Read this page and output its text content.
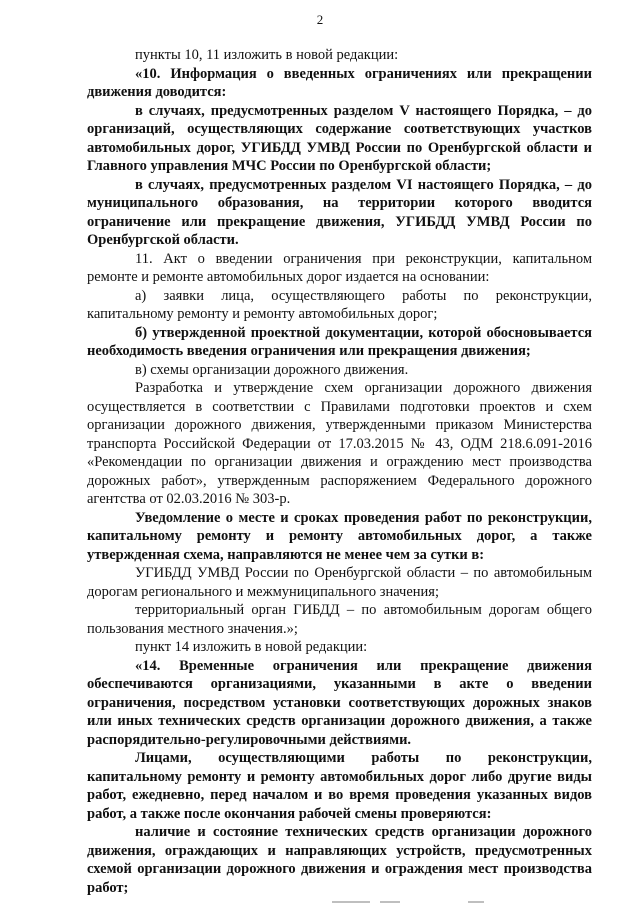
2

пункты 10, 11 изложить в новой редакции:

«10. Информация о введенных ограничениях или прекращении движения доводится:

в случаях, предусмотренных разделом V настоящего Порядка, – до организаций, осуществляющих содержание соответствующих участков автомобильных дорог, УГИБДД УМВД России по Оренбургской области и Главного управления МЧС России по Оренбургской области;

в случаях, предусмотренных разделом VI настоящего Порядка, – до муниципального образования, на территории которого вводится ограничение или прекращение движения, УГИБДД УМВД России по Оренбургской области.

11. Акт о введении ограничения при реконструкции, капитальном ремонте и ремонте автомобильных дорог издается на основании:

а) заявки лица, осуществляющего работы по реконструкции, капитальному ремонту и ремонту автомобильных дорог;

б) утвержденной проектной документации, которой обосновывается необходимость введения ограничения или прекращения движения;

в) схемы организации дорожного движения.

Разработка и утверждение схем организации дорожного движения осуществляется в соответствии с Правилами подготовки проектов и схем организации дорожного движения, утвержденными приказом Министерства транспорта Российской Федерации от 17.03.2015 № 43, ОДМ 218.6.091-2016 «Рекомендации по организации движения и ограждению мест производства дорожных работ», утвержденным распоряжением Федерального дорожного агентства от 02.03.2016 № 303-р.

Уведомление о месте и сроках проведения работ по реконструкции, капитальному ремонту и ремонту автомобильных дорог, а также утвержденная схема, направляются не менее чем за сутки в:

УГИБДД УМВД России по Оренбургской области – по автомобильным дорогам регионального и межмуниципального значения;

территориальный орган ГИБДД – по автомобильным дорогам общего пользования местного значения.»;

пункт 14 изложить в новой редакции:

«14. Временные ограничения или прекращение движения обеспечиваются организациями, указанными в акте о введении ограничения, посредством установки соответствующих дорожных знаков или иных технических средств организации дорожного движения, а также распорядительно-регулировочными действиями.

Лицами, осуществляющими работы по реконструкции, капитальному ремонту и ремонту автомобильных дорог либо другие виды работ, ежедневно, перед началом и во время проведения указанных видов работ, а также после окончания рабочей смены проверяются:

наличие и состояние технических средств организации дорожного движения, ограждающих и направляющих устройств, предусмотренных схемой организации дорожного движения и ограждения мест производства работ;
